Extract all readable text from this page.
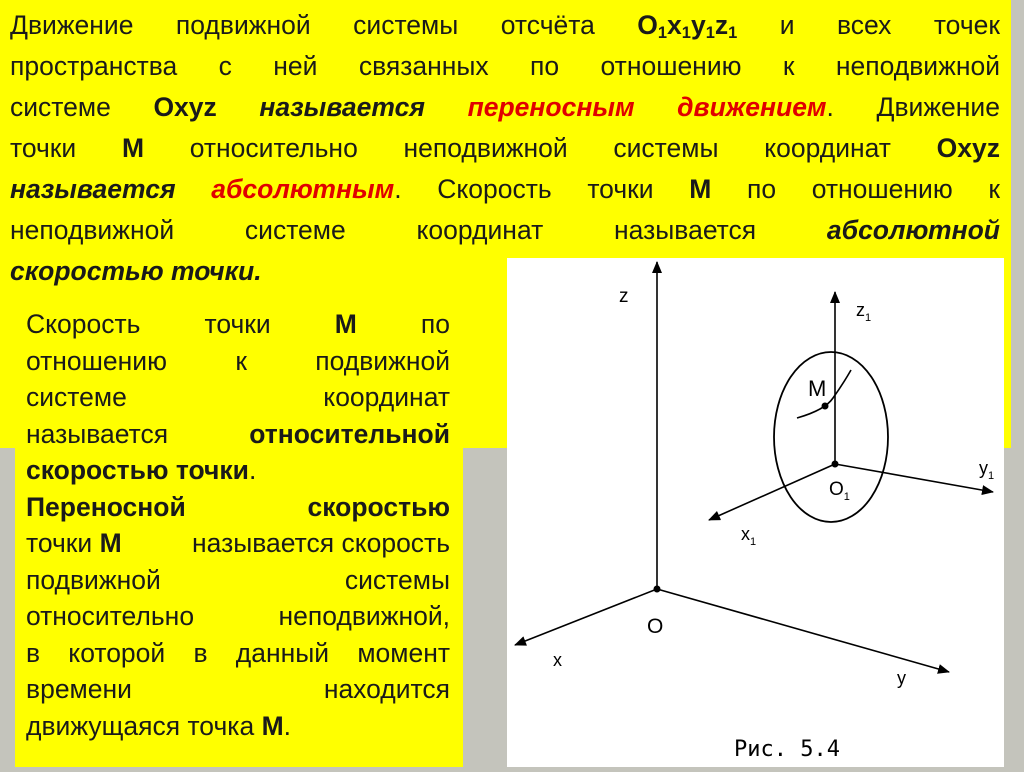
Движение подвижной системы отсчёта $O_1x_1y_1z_1$ и всех точек
пространства с ней связанных по отношению к неподвижной
системе Oxyz называется переносным движением. Движение
точки M относительно неподвижной системы координат Oxyz
называется абсолютным. Скорость точки M по отношению к
неподвижной системе координат называется	абсолютной
скоростью точки.
Скорость точки M по
отношению к подвижной
системе	координат
называется	относительной
скоростью точки.
Переносной	скоростью
точки M	называется скорость
подвижной	системы
относительно неподвижной,
в которой в данный момент
времени	находится
движущаяся точка M.
z
$z_1$
M
$O_1$
$y_1$
$x_1$
O
x
y
Рис. 5.4
